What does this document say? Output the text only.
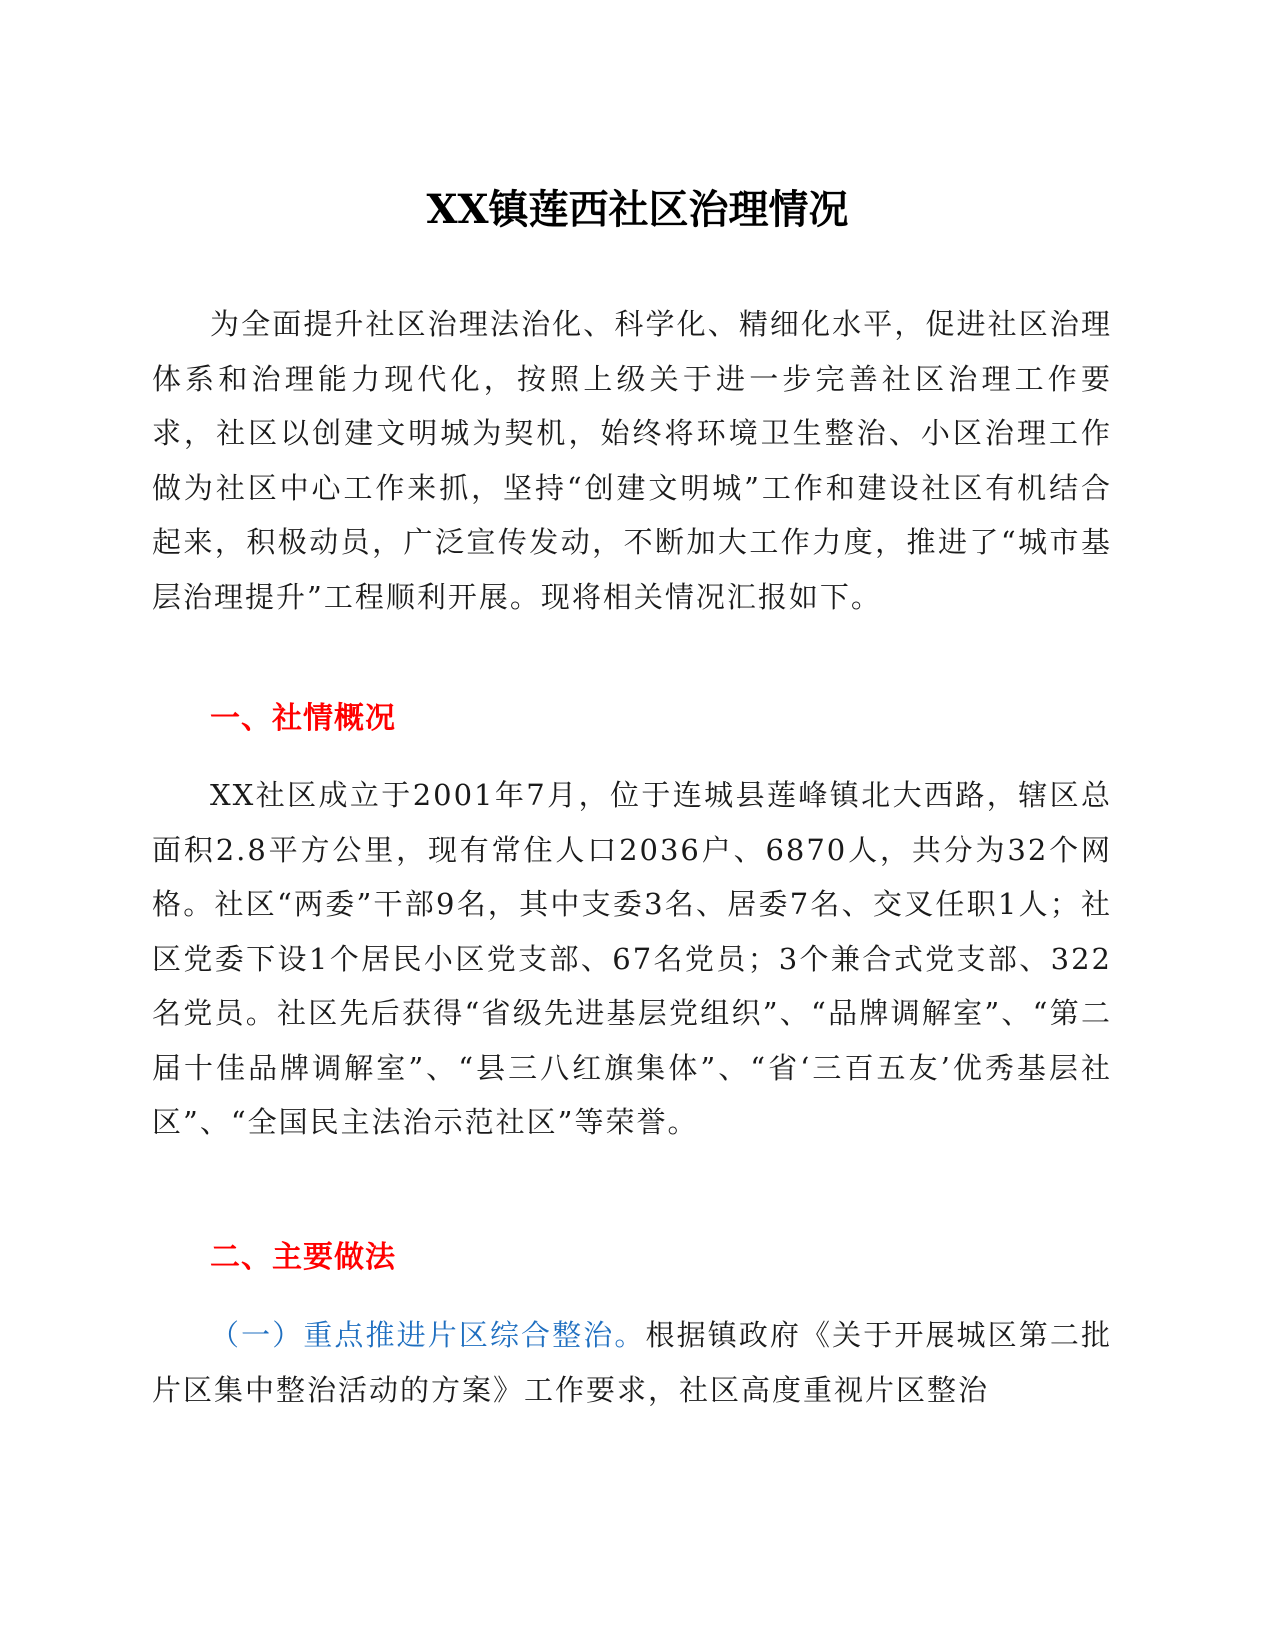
XX镇莲西社区治理情况

为全面提升社区治理法治化、科学化、精细化水平，促进社区治理体系和治理能力现代化，按照上级关于进一步完善社区治理工作要求，社区以创建文明城为契机，始终将环境卫生整治、小区治理工作做为社区中心工作来抓，坚持“创建文明城”工作和建设社区有机结合起来，积极动员，广泛宣传发动，不断加大工作力度，推进了“城市基层治理提升”工程顺利开展。现将相关情况汇报如下。

一、社情概况

XX社区成立于2001年7月，位于连城县莲峰镇北大西路，辖区总面积2.8平方公里，现有常住人口2036户、6870人，共分为32个网格。社区“两委”干部9名，其中支委3名、居委7名、交叉任职1人；社区党委下设1个居民小区党支部、67名党员；3个兼合式党支部、322名党员。社区先后获得“省级先进基层党组织”、“品牌调解室”、“第二届十佳品牌调解室”、“县三八红旗集体”、“省‘三百五友’优秀基层社区”、“全国民主法治示范社区”等荣誉。

二、主要做法

（一）重点推进片区综合整治。根据镇政府《关于开展城区第二批片区集中整治活动的方案》工作要求，社区高度重视片区整治
